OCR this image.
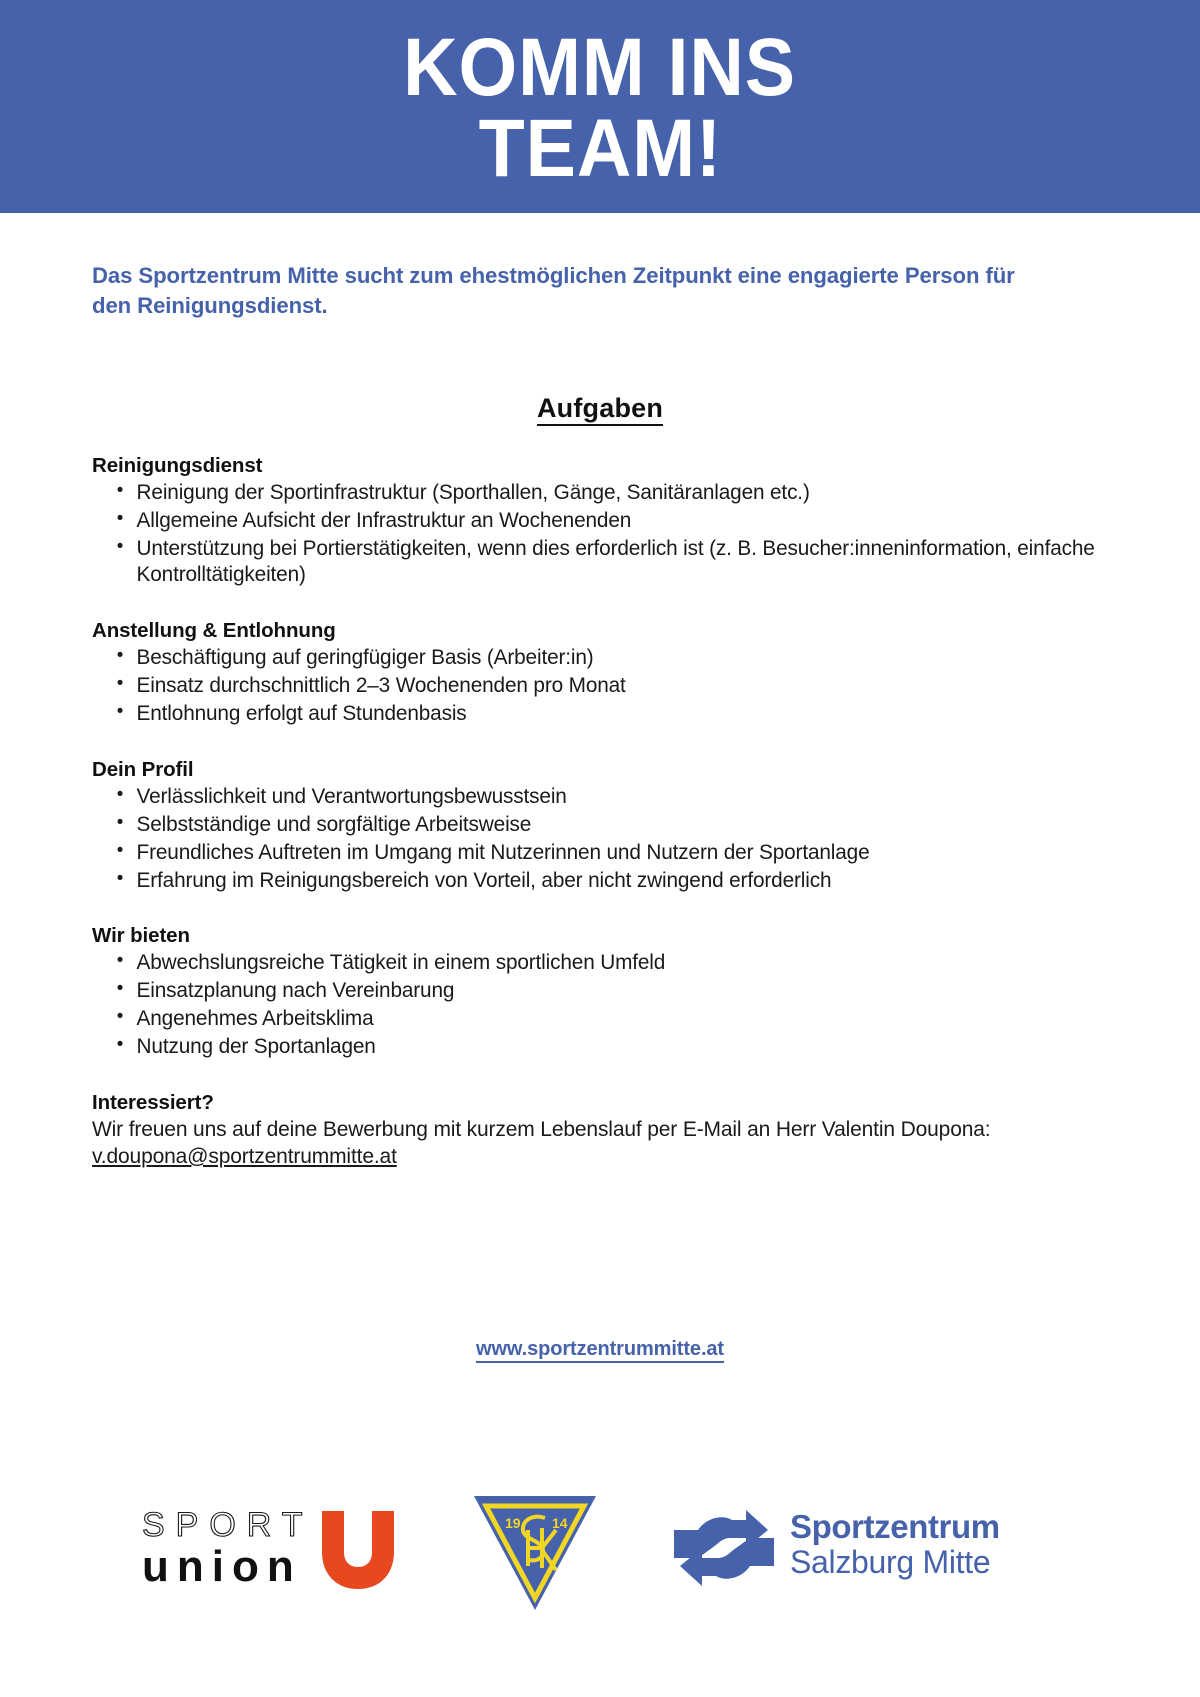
KOMM INS
TEAM!
Das Sportzentrum Mitte sucht zum ehestmöglichen Zeitpunkt eine engagierte Person für den Reinigungsdienst.
Aufgaben
Reinigungsdienst
• Reinigung der Sportinfrastruktur (Sporthallen, Gänge, Sanitäranlagen etc.)
• Allgemeine Aufsicht der Infrastruktur an Wochenenden
• Unterstützung bei Portierstätigkeiten, wenn dies erforderlich ist (z. B. Besucher:inneninformation, einfache Kontrolltätigkeiten)
Anstellung & Entlohnung
• Beschäftigung auf geringfügiger Basis (Arbeiter:in)
• Einsatz durchschnittlich 2–3 Wochenenden pro Monat
• Entlohnung erfolgt auf Stundenbasis
Dein Profil
• Verlässlichkeit und Verantwortungsbewusstsein
• Selbstständige und sorgfältige Arbeitsweise
• Freundliches Auftreten im Umgang mit Nutzerinnen und Nutzern der Sportanlage
• Erfahrung im Reinigungsbereich von Vorteil, aber nicht zwingend erforderlich
Wir bieten
• Abwechslungsreiche Tätigkeit in einem sportlichen Umfeld
• Einsatzplanung nach Vereinbarung
• Angenehmes Arbeitsklima
• Nutzung der Sportanlagen
Interessiert?
Wir freuen uns auf deine Bewerbung mit kurzem Lebenslauf per E-Mail an Herr Valentin Doupona: v.doupona@sportzentrummitte.at
www.sportzentrummitte.at
SPORT
union
19 14	Sportzentrum
Salzburg Mitte
